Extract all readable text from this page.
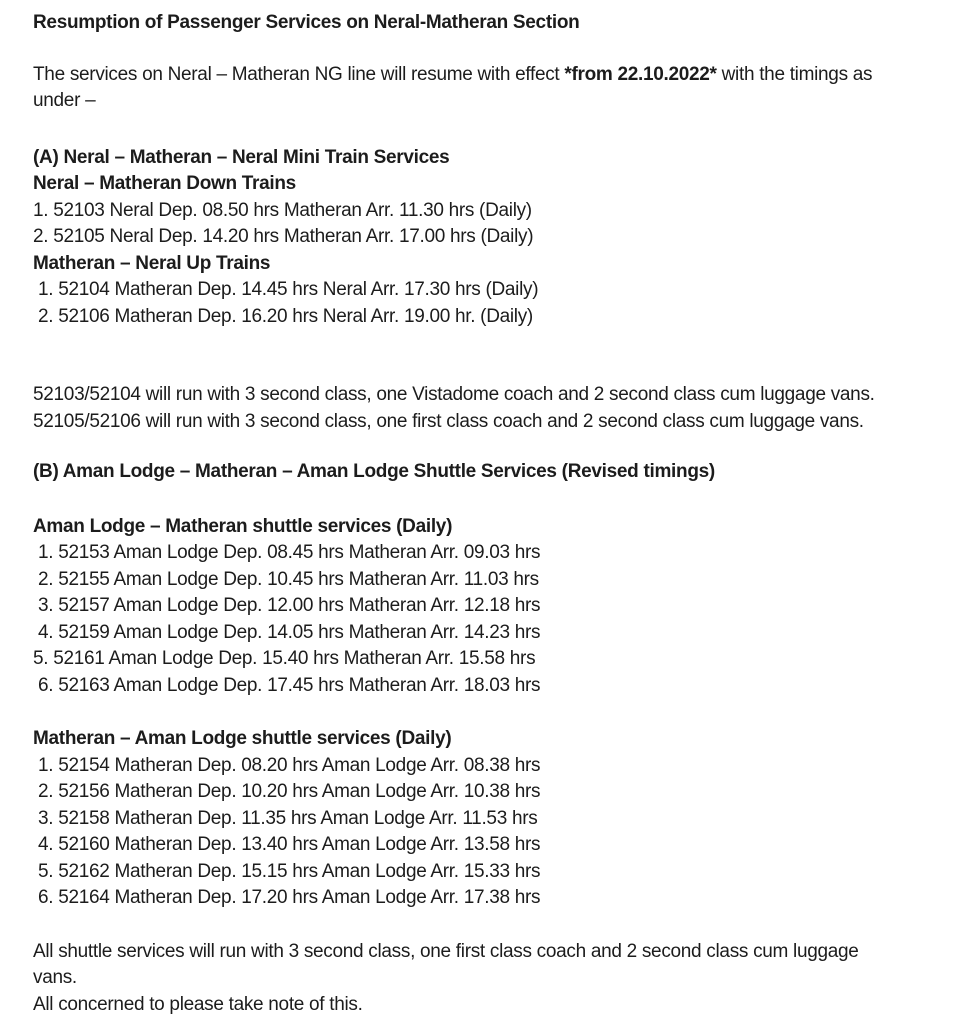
Resumption of Passenger Services on Neral-Matheran Section
The services on Neral – Matheran NG line will resume with effect *from 22.10.2022* with the timings as
under –
(A) Neral – Matheran – Neral Mini Train Services
Neral – Matheran Down Trains
1. 52103 Neral Dep. 08.50 hrs Matheran Arr. 11.30 hrs (Daily)
2. 52105 Neral Dep. 14.20 hrs Matheran Arr. 17.00 hrs (Daily)
Matheran – Neral Up Trains
1. 52104 Matheran Dep. 14.45 hrs Neral Arr. 17.30 hrs (Daily)
2. 52106 Matheran Dep. 16.20 hrs Neral Arr. 19.00 hr. (Daily)
52103/52104 will run with 3 second class, one Vistadome coach and 2 second class cum luggage vans.
52105/52106 will run with 3 second class, one first class coach and 2 second class cum luggage vans.
(B) Aman Lodge – Matheran – Aman Lodge Shuttle Services (Revised timings)
Aman Lodge – Matheran shuttle services (Daily)
1. 52153 Aman Lodge Dep. 08.45 hrs Matheran Arr. 09.03 hrs
2. 52155 Aman Lodge Dep. 10.45 hrs Matheran Arr. 11.03 hrs
3. 52157 Aman Lodge Dep. 12.00 hrs Matheran Arr. 12.18 hrs
4. 52159 Aman Lodge Dep. 14.05 hrs Matheran Arr. 14.23 hrs
5. 52161 Aman Lodge Dep. 15.40 hrs Matheran Arr. 15.58 hrs
6. 52163 Aman Lodge Dep. 17.45 hrs Matheran Arr. 18.03 hrs
Matheran – Aman Lodge shuttle services (Daily)
1. 52154 Matheran Dep. 08.20 hrs Aman Lodge Arr. 08.38 hrs
2. 52156 Matheran Dep. 10.20 hrs Aman Lodge Arr. 10.38 hrs
3. 52158 Matheran Dep. 11.35 hrs Aman Lodge Arr. 11.53 hrs
4. 52160 Matheran Dep. 13.40 hrs Aman Lodge Arr. 13.58 hrs
5. 52162 Matheran Dep. 15.15 hrs Aman Lodge Arr. 15.33 hrs
6. 52164 Matheran Dep. 17.20 hrs Aman Lodge Arr. 17.38 hrs
All shuttle services will run with 3 second class, one first class coach and 2 second class cum luggage
vans.
All concerned to please take note of this.
